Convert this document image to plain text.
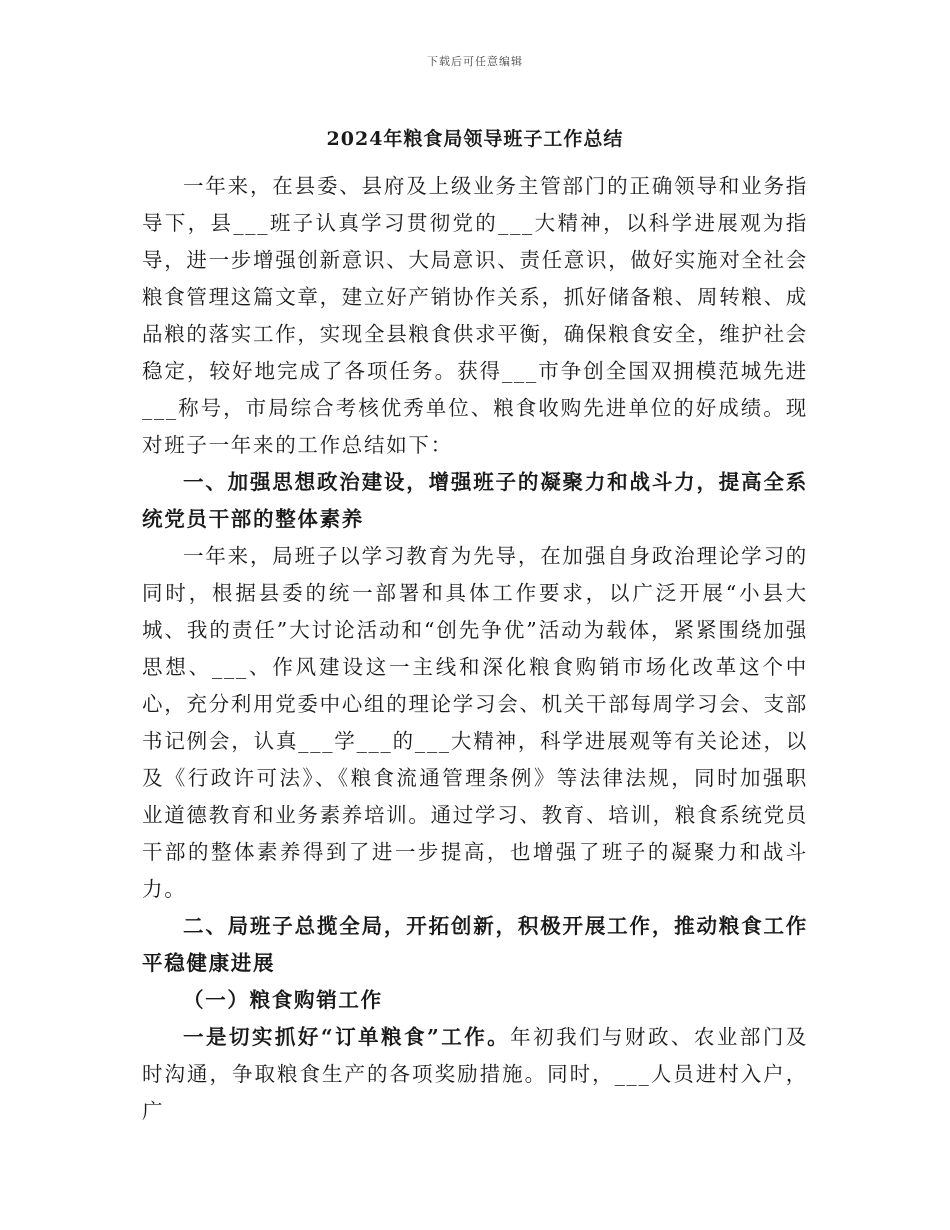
下载后可任意编辑
2024年粮食局领导班子工作总结

一年来，在县委、县府及上级业务主管部门的正确领导和业务指导下，县___班子认真学习贯彻党的___大精神，以科学进展观为指导，进一步增强创新意识、大局意识、责任意识，做好实施对全社会粮食管理这篇文章，建立好产销协作关系，抓好储备粮、周转粮、成品粮的落实工作，实现全县粮食供求平衡，确保粮食安全，维护社会稳定，较好地完成了各项任务。获得___市争创全国双拥模范城先进___称号，市局综合考核优秀单位、粮食收购先进单位的好成绩。现对班子一年来的工作总结如下：

一、加强思想政治建设，增强班子的凝聚力和战斗力，提高全系统党员干部的整体素养

一年来，局班子以学习教育为先导，在加强自身政治理论学习的同时，根据县委的统一部署和具体工作要求，以广泛开展“小县大城、我的责任”大讨论活动和“创先争优”活动为载体，紧紧围绕加强思想、___、作风建设这一主线和深化粮食购销市场化改革这个中心，充分利用党委中心组的理论学习会、机关干部每周学习会、支部书记例会，认真___学___的___大精神，科学进展观等有关论述，以及《行政许可法》、《粮食流通管理条例》等法律法规，同时加强职业道德教育和业务素养培训。通过学习、教育、培训，粮食系统党员干部的整体素养得到了进一步提高，也增强了班子的凝聚力和战斗力。

二、局班子总揽全局，开拓创新，积极开展工作，推动粮食工作平稳健康进展

（一）粮食购销工作

一是切实抓好“订单粮食”工作。年初我们与财政、农业部门及时沟通，争取粮食生产的各项奖励措施。同时，___人员进村入户，广
